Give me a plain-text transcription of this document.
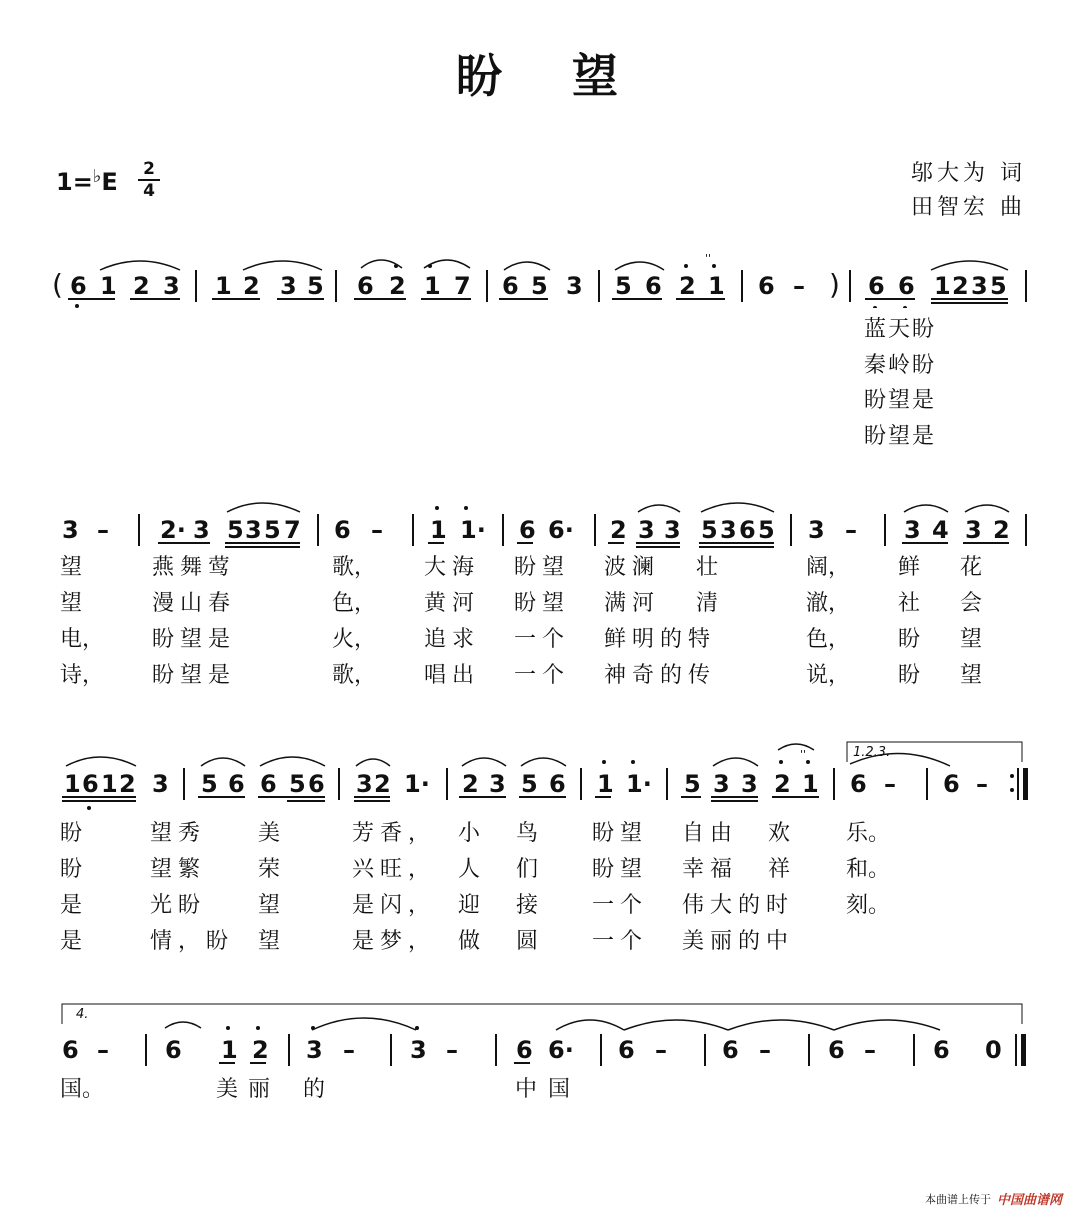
盼望
1=♭E 2
4
邬大为 词
田智宏 曲
( 6 1 2 3 1 2 3 5 6 2 1 7 6 5 3 5 6 2 1 6 – ) 6 6 1 2 3 5
''
蓝天盼
秦岭盼
盼望是
盼望是
3 – 2· 3 5 3 5 7 6 – 1 1· 6 6· 2 3 3 5 3 6 5 3 – 3 4 3 2
望	燕舞莺	歌， 大海 盼望 波澜 壮	阔， 鲜 花
望	漫山春	色， 黄河 盼望 满河 清	澈， 社 会
电， 盼望是	火， 追求 一个 鲜明的特	色， 盼 望
诗， 盼望是	歌， 唱出 一个 神奇的传	说， 盼 望
1.2.3.
1 6 1 2 3 5 6 6 5 6 3 2 1· 2 3 5 6 1 1· 5 3 3 2 1 6 – 6 –
''
盼	望秀 美	芳香， 小 鸟 盼望 自由 欢	乐。
盼	望繁 荣	兴旺， 人 们 盼望 幸福 祥	和。
是	光盼 望	是闪， 迎 接 一个 伟大的时 刻。
是	情，盼 望	是梦， 做 圆 一个 美丽的中
4.
6 – 6 1 2 3 – 3 – 6 6· 6 – 6 – 6 – 6 0
国。	美 丽 的	中 国
本曲谱上传于 中国曲谱网
